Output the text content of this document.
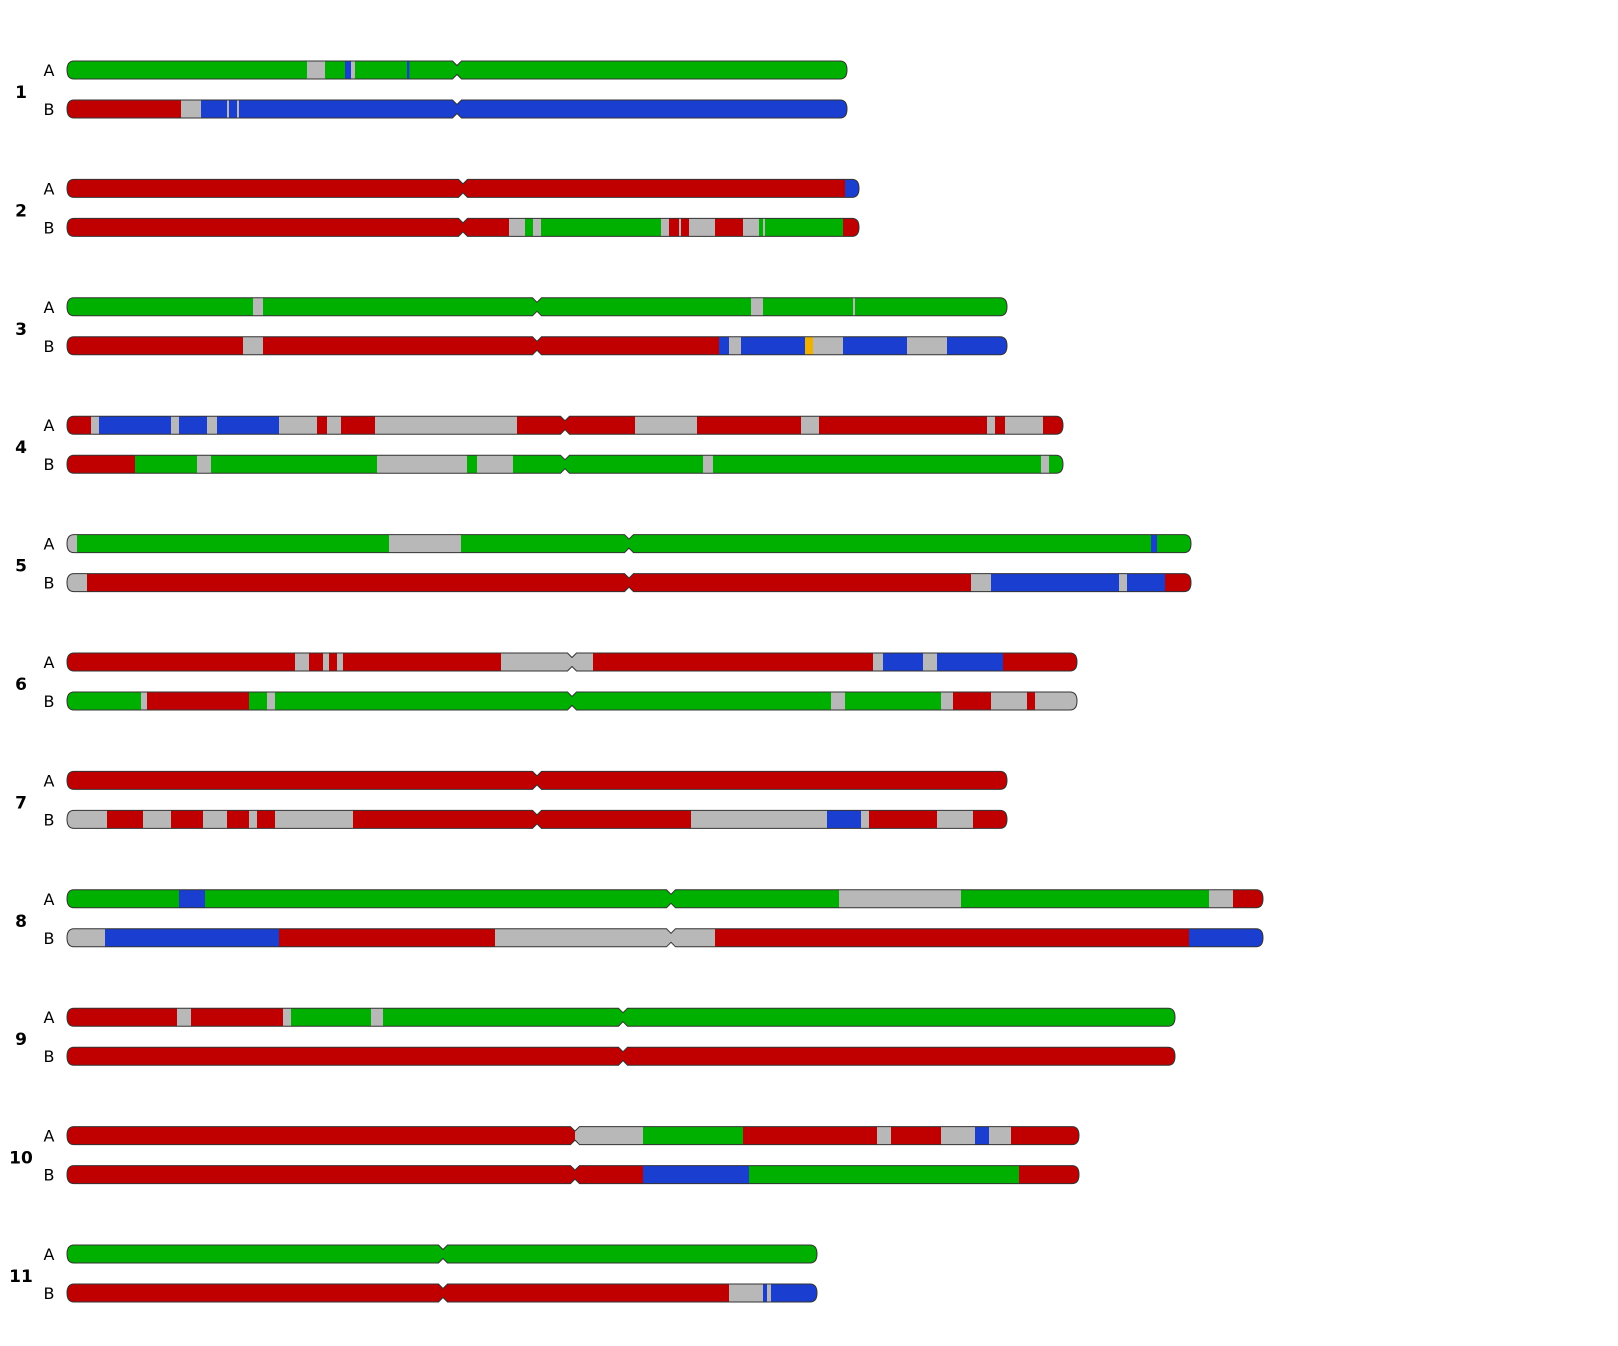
1
A
B
2
A
B
3
A
B
4
A
B
5
A
B
6
A
B
7
A
B
8
A
B
9
A
B
10
A
B
11
A
B
